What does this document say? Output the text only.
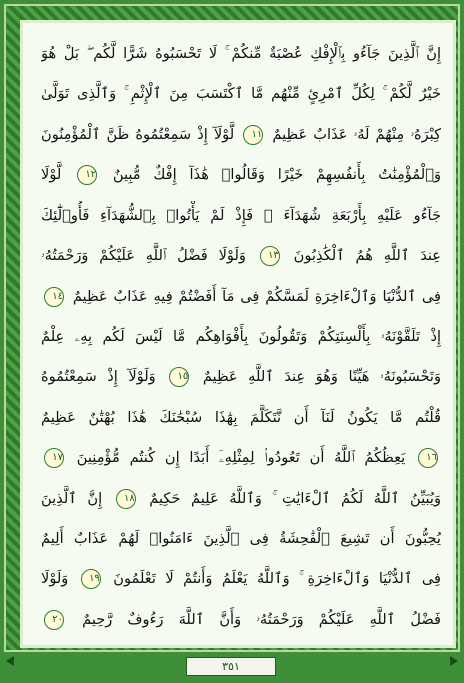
إِنَّ ٱلَّذِينَ جَآءُو بِٱلْإِفْكِ عُصْبَةٌ مِّنكُمْ ۚ لَا تَحْسَبُوهُ شَرًّا لَّكُم ۖ بَلْ هُوَ
خَيْرٌ لَّكُمْ ۚ لِكُلِّ ٱمْرِئٍ مِّنْهُم مَّا ٱكْتَسَبَ مِنَ ٱلْإِثْمِ ۚ وَٱلَّذِى تَوَلَّىٰ
كِبْرَهُۥ مِنْهُمْ لَهُۥ عَذَابٌ عَظِيمٌ ١١ لَّوْلَآ إِذْ سَمِعْتُمُوهُ ظَنَّ ٱلْمُؤْمِنُونَ
وَٱلْمُؤْمِنَٰتُ بِأَنفُسِهِمْ خَيْرًا وَقَالُوا۟ هَٰذَآ إِفْكٌ مُّبِينٌ ١٢ لَّوْلَا
جَآءُو عَلَيْهِ بِأَرْبَعَةِ شُهَدَآءَ ۚ فَإِذْ لَمْ يَأْتُوا۟ بِٱلشُّهَدَآءِ فَأُو۟لَٰٓئِكَ
عِندَ ٱللَّهِ هُمُ ٱلْكَٰذِبُونَ ١٣ وَلَوْلَا فَضْلُ ٱللَّهِ عَلَيْكُمْ وَرَحْمَتُهُۥ
فِى ٱلدُّنْيَا وَٱلْءَاخِرَةِ لَمَسَّكُمْ فِى مَآ أَفَضْتُمْ فِيهِ عَذَابٌ عَظِيمٌ ١٤
إِذْ تَلَقَّوْنَهُۥ بِأَلْسِنَتِكُمْ وَتَقُولُونَ بِأَفْوَاهِكُم مَّا لَيْسَ لَكُم بِهِۦ عِلْمٌ
وَتَحْسَبُونَهُۥ هَيِّنًا وَهُوَ عِندَ ٱللَّهِ عَظِيمٌ ١٥ وَلَوْلَآ إِذْ سَمِعْتُمُوهُ
قُلْتُم مَّا يَكُونُ لَنَآ أَن نَّتَكَلَّمَ بِهَٰذَا سُبْحَٰنَكَ هَٰذَا بُهْتَٰنٌ عَظِيمٌ
١٦ يَعِظُكُمُ ٱللَّهُ أَن تَعُودُوا۟ لِمِثْلِهِۦٓ أَبَدًا إِن كُنتُم مُّؤْمِنِينَ ١٧
وَيُبَيِّنُ ٱللَّهُ لَكُمُ ٱلْءَايَٰتِ ۚ وَٱللَّهُ عَلِيمٌ حَكِيمٌ ١٨ إِنَّ ٱلَّذِينَ
يُحِبُّونَ أَن تَشِيعَ ٱلْفَٰحِشَةُ فِى ٱلَّذِينَ ءَامَنُوا۟ لَهُمْ عَذَابٌ أَلِيمٌ
فِى ٱلدُّنْيَا وَٱلْءَاخِرَةِ ۚ وَٱللَّهُ يَعْلَمُ وَأَنتُمْ لَا تَعْلَمُونَ ١٩ وَلَوْلَا
فَضْلُ ٱللَّهِ عَلَيْكُمْ وَرَحْمَتُهُۥ وَأَنَّ ٱللَّهَ رَءُوفٌ رَّحِيمٌ ٢٠
٣٥١
